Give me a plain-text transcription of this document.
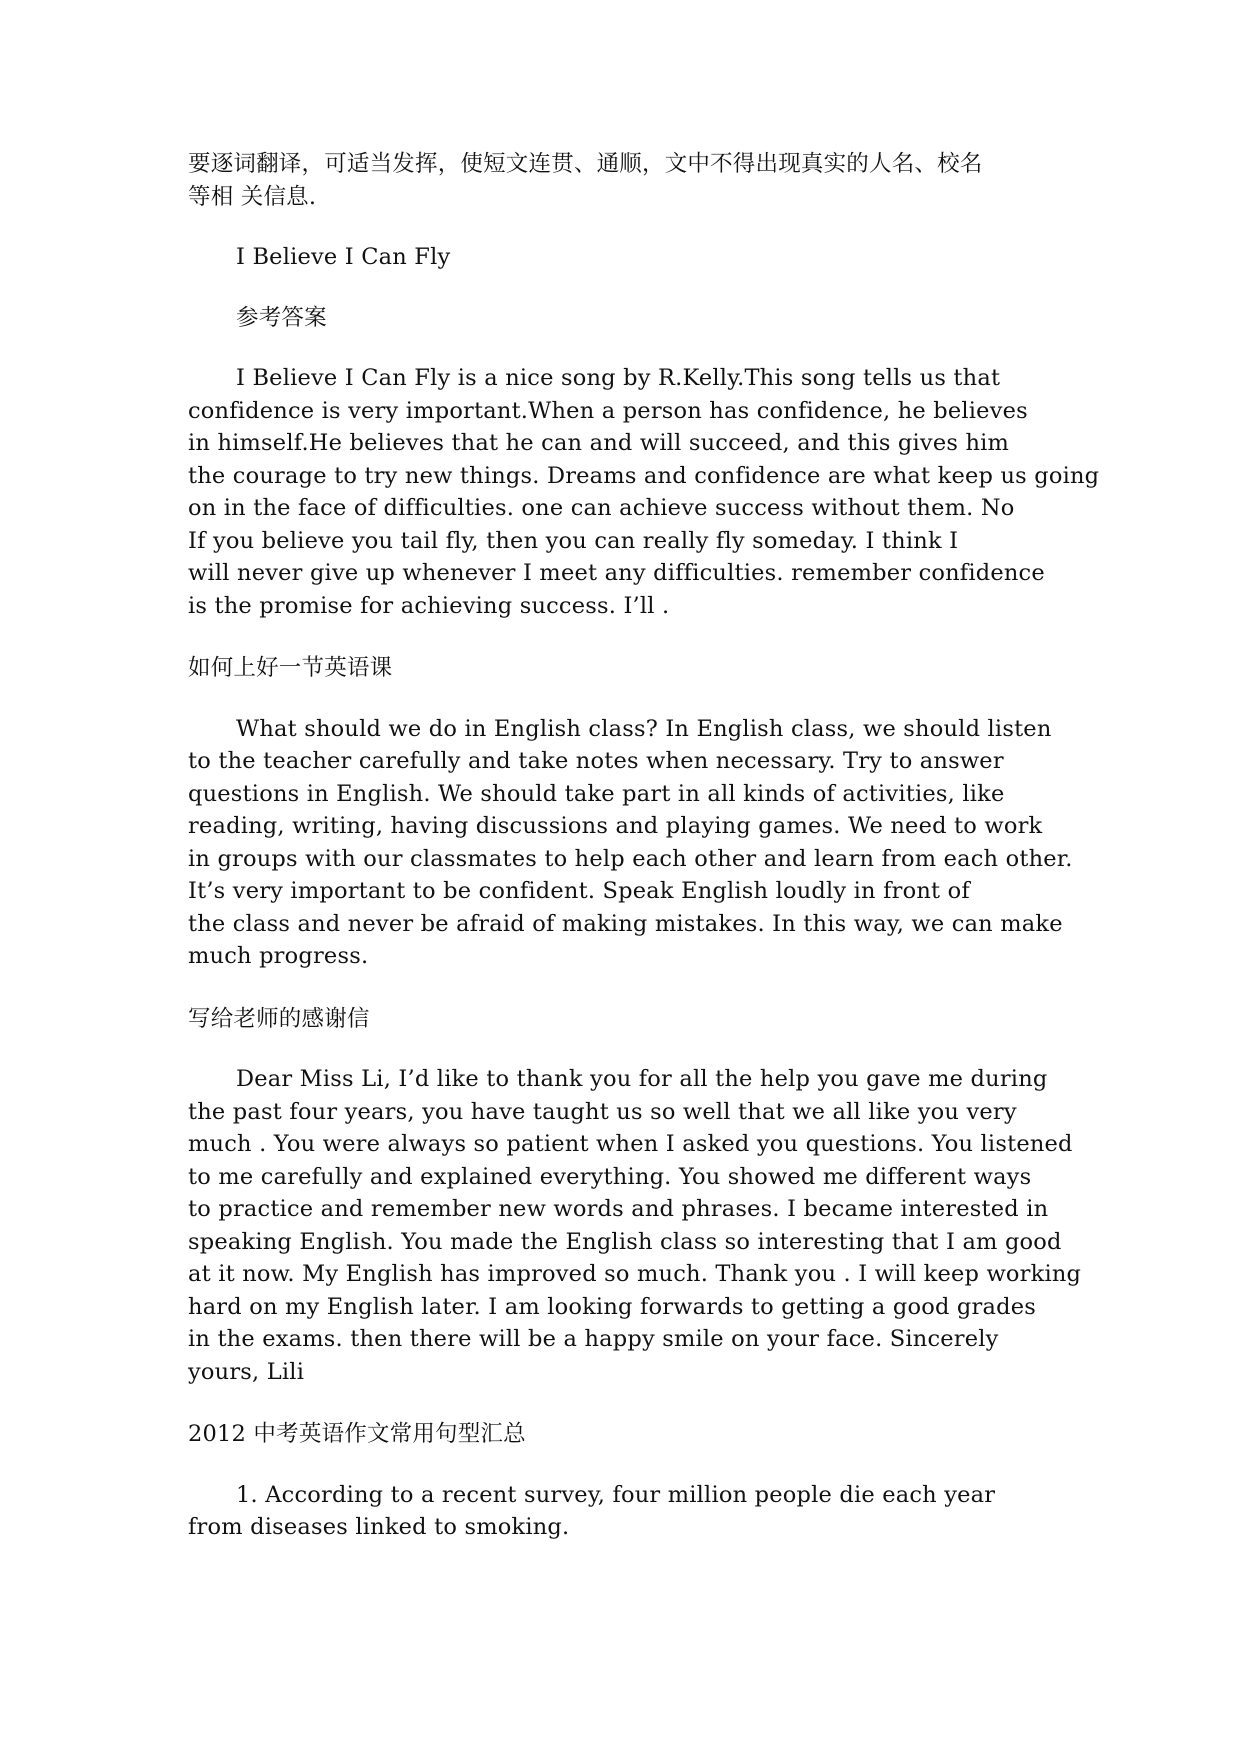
要逐词翻译，可适当发挥，使短文连贯、通顺，文中不得出现真实的人名、校名
等相 关信息.
I Believe I Can Fly
参考答案
I Believe I Can Fly is a nice song by R.Kelly.This song tells us that
confidence is very important.When a person has confidence, he believes
in himself.He believes that he can and will succeed, and this gives him
the courage to try new things. Dreams and confidence are what keep us going
on in the face of difficulties. one can achieve success without them. No
If you believe you tail fly, then you can really fly someday. I think I
will never give up whenever I meet any difficulties. remember confidence
is the promise for achieving success. I’ll .
如何上好一节英语课
What should we do in English class? In English class, we should listen
to the teacher carefully and take notes when necessary. Try to answer
questions in English. We should take part in all kinds of activities, like
reading, writing, having discussions and playing games. We need to work
in groups with our classmates to help each other and learn from each other.
It’s very important to be confident. Speak English loudly in front of
the class and never be afraid of making mistakes. In this way, we can make
much progress.
写给老师的感谢信
Dear Miss Li, I’d like to thank you for all the help you gave me during
the past four years, you have taught us so well that we all like you very
much . You were always so patient when I asked you questions. You listened
to me carefully and explained everything. You showed me different ways
to practice and remember new words and phrases. I became interested in
speaking English. You made the English class so interesting that I am good
at it now. My English has improved so much. Thank you . I will keep working
hard on my English later. I am looking forwards to getting a good grades
in the exams. then there will be a happy smile on your face. Sincerely
yours, Lili
2012 中考英语作文常用句型汇总
1. According to a recent survey, four million people die each year
from diseases linked to smoking.
